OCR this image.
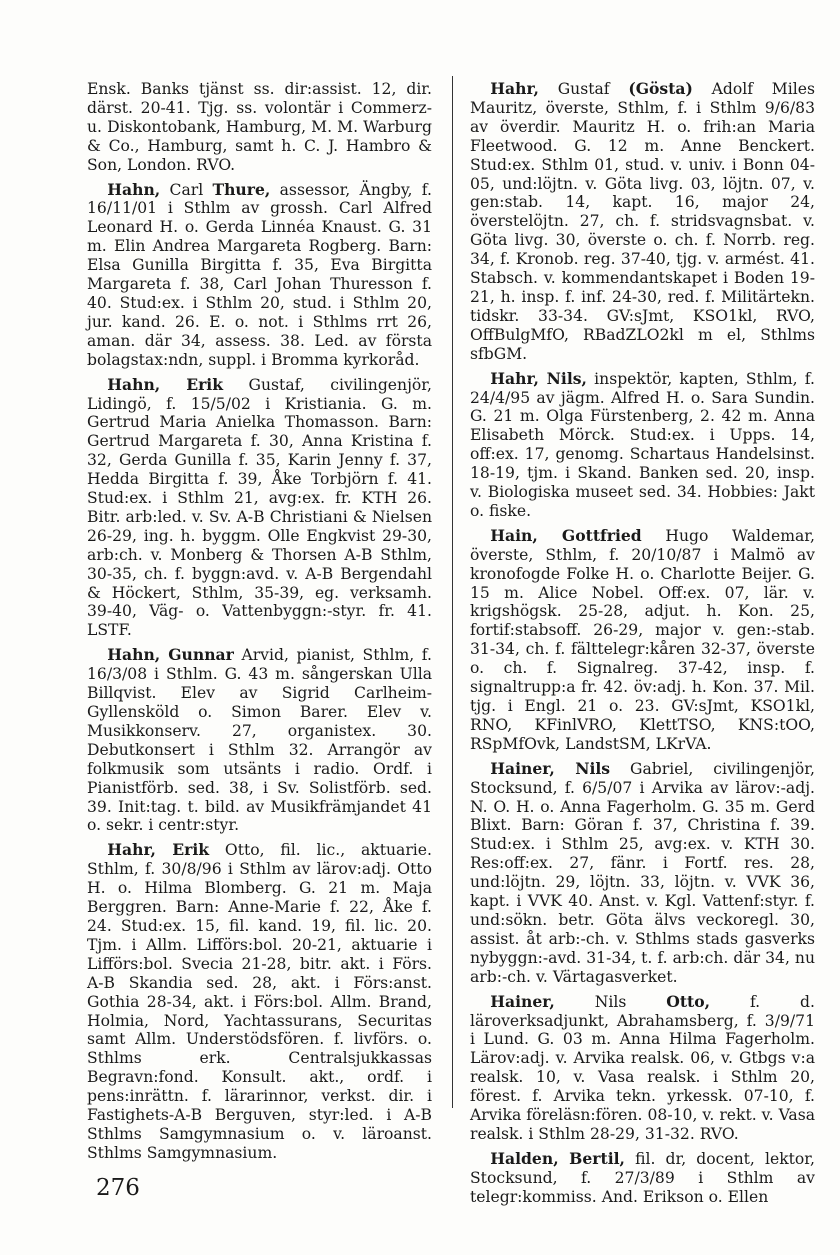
Ensk. Banks tjänst ss. dir:assist. 12, dir. därst. 20-41. Tjg. ss. volontär i Commerz- u. Diskontobank, Hamburg, M. M. Warburg & Co., Hamburg, samt h. C. J. Hambro & Son, London. RVO.

Hahn, Carl Thure, assessor, Ängby, f. 16/11/01 i Sthlm av grossh. Carl Alfred Leonard H. o. Gerda Linnéa Knaust. G. 31 m. Elin Andrea Margareta Rogberg. Barn: Elsa Gunilla Birgitta f. 35, Eva Birgitta Margareta f. 38, Carl Johan Thuresson f. 40. Stud:ex. i Sthlm 20, stud. i Sthlm 20, jur. kand. 26. E. o. not. i Sthlms rrt 26, aman. där 34, assess. 38. Led. av första bolagstax:ndn, suppl. i Bromma kyrkoråd.

Hahn, Erik Gustaf, civilingenjör, Lidingö, f. 15/5/02 i Kristiania. G. m. Gertrud Maria Anielka Thomasson. Barn: Gertrud Margareta f. 30, Anna Kristina f. 32, Gerda Gunilla f. 35, Karin Jenny f. 37, Hedda Birgitta f. 39, Åke Torbjörn f. 41. Stud:ex. i Sthlm 21, avg:ex. fr. KTH 26. Bitr. arb:led. v. Sv. A-B Christiani & Nielsen 26-29, ing. h. byggm. Olle Engkvist 29-30, arb:ch. v. Monberg & Thorsen A-B Sthlm, 30-35, ch. f. byggn:avd. v. A-B Bergendahl & Höckert, Sthlm, 35-39, eg. verksamh. 39-40, Väg- o. Vattenbyggn:-styr. fr. 41. LSTF.

Hahn, Gunnar Arvid, pianist, Sthlm, f. 16/3/08 i Sthlm. G. 43 m. sångerskan Ulla Billqvist. Elev av Sigrid Carlheim-Gyllensköld o. Simon Barer. Elev v. Musikkonserv. 27, organistex. 30. Debutkonsert i Sthlm 32. Arrangör av folkmusik som utsänts i radio. Ordf. i Pianistförb. sed. 38, i Sv. Solistförb. sed. 39. Init:tag. t. bild. av Musikfrämjandet 41 o. sekr. i centr:styr.

Hahr, Erik Otto, fil. lic., aktuarie. Sthlm, f. 30/8/96 i Sthlm av lärov:adj. Otto H. o. Hilma Blomberg. G. 21 m. Maja Berggren. Barn: Anne-Marie f. 22, Åke f. 24. Stud:ex. 15, fil. kand. 19, fil. lic. 20. Tjm. i Allm. Lifförs:bol. 20-21, aktuarie i Lifförs:bol. Svecia 21-28, bitr. akt. i Förs. A-B Skandia sed. 28, akt. i Förs:anst. Gothia 28-34, akt. i Förs:bol. Allm. Brand, Holmia, Nord, Yachtassurans, Securitas samt Allm. Understödsfören. f. livförs. o. Sthlms erk. Centralsjukkassas Begravn:fond. Konsult. akt., ordf. i pens:inrättn. f. lärarinnor, verkst. dir. i Fastighets-A-B Berguven, styr:led. i A-B Sthlms Samgymnasium o. v. läroanst. Sthlms Samgymnasium.

Hahr, Gustaf (Gösta) Adolf Miles Mauritz, överste, Sthlm, f. i Sthlm 9/6/83 av överdir. Mauritz H. o. frih:an Maria Fleetwood. G. 12 m. Anne Benckert. Stud:ex. Sthlm 01, stud. v. univ. i Bonn 04-05, und:löjtn. v. Göta livg. 03, löjtn. 07, v. gen:stab. 14, kapt. 16, major 24, överstelöjtn. 27, ch. f. stridsvagnsbat. v. Göta livg. 30, överste o. ch. f. Norrb. reg. 34, f. Kronob. reg. 37-40, tjg. v. armést. 41. Stabsch. v. kommendantskapet i Boden 19-21, h. insp. f. inf. 24-30, red. f. Militärtekn. tidskr. 33-34. GV:sJmt, KSO1kl, RVO, OffBulgMfO, RBadZLO2kl m el, Sthlms sfbGM.

Hahr, Nils, inspektör, kapten, Sthlm, f. 24/4/95 av jägm. Alfred H. o. Sara Sundin. G. 21 m. Olga Fürstenberg, 2. 42 m. Anna Elisabeth Mörck. Stud:ex. i Upps. 14, off:ex. 17, genomg. Schartaus Handelsinst. 18-19, tjm. i Skand. Banken sed. 20, insp. v. Biologiska museet sed. 34. Hobbies: Jakt o. fiske.

Hain, Gottfried Hugo Waldemar, överste, Sthlm, f. 20/10/87 i Malmö av kronofogde Folke H. o. Charlotte Beijer. G. 15 m. Alice Nobel. Off:ex. 07, lär. v. krigshögsk. 25-28, adjut. h. Kon. 25, fortif:stabsoff. 26-29, major v. gen:-stab. 31-34, ch. f. fälttelegr:kåren 32-37, överste o. ch. f. Signalreg. 37-42, insp. f. signaltrupp:a fr. 42. öv:adj. h. Kon. 37. Mil. tjg. i Engl. 21 o. 23. GV:sJmt, KSO1kl, RNO, KFinlVRO, KlettTSO, KNS:tOO, RSpMfOvk, LandstSM, LKrVA.

Hainer, Nils Gabriel, civilingenjör, Stocksund, f. 6/5/07 i Arvika av lärov:-adj. N. O. H. o. Anna Fagerholm. G. 35 m. Gerd Blixt. Barn: Göran f. 37, Christina f. 39. Stud:ex. i Sthlm 25, avg:ex. v. KTH 30. Res:off:ex. 27, fänr. i Fortf. res. 28, und:löjtn. 29, löjtn. 33, löjtn. v. VVK 36, kapt. i VVK 40. Anst. v. Kgl. Vattenf:styr. f. und:sökn. betr. Göta älvs veckoregl. 30, assist. åt arb:-ch. v. Sthlms stads gasverks nybyggn:-avd. 31-34, t. f. arb:ch. där 34, nu arb:-ch. v. Värtagasverket.

Hainer,	Nils	Otto,	f. d. läroverksadjunkt, Abrahamsberg, f. 3/9/71 i Lund. G. 03 m. Anna Hilma Fagerholm. Lärov:adj. v. Arvika realsk. 06, v. Gtbgs v:a realsk. 10, v. Vasa realsk. i Sthlm 20, förest. f. Arvika tekn. yrkessk. 07-10, f. Arvika föreläsn:fören. 08-10, v. rekt. v. Vasa realsk. i Sthlm 28-29, 31-32. RVO.

Halden, Bertil, fil. dr, docent, lektor, Stocksund, f. 27/3/89 i Sthlm av telegr:kommiss. And. Erikson o. Ellen

276
